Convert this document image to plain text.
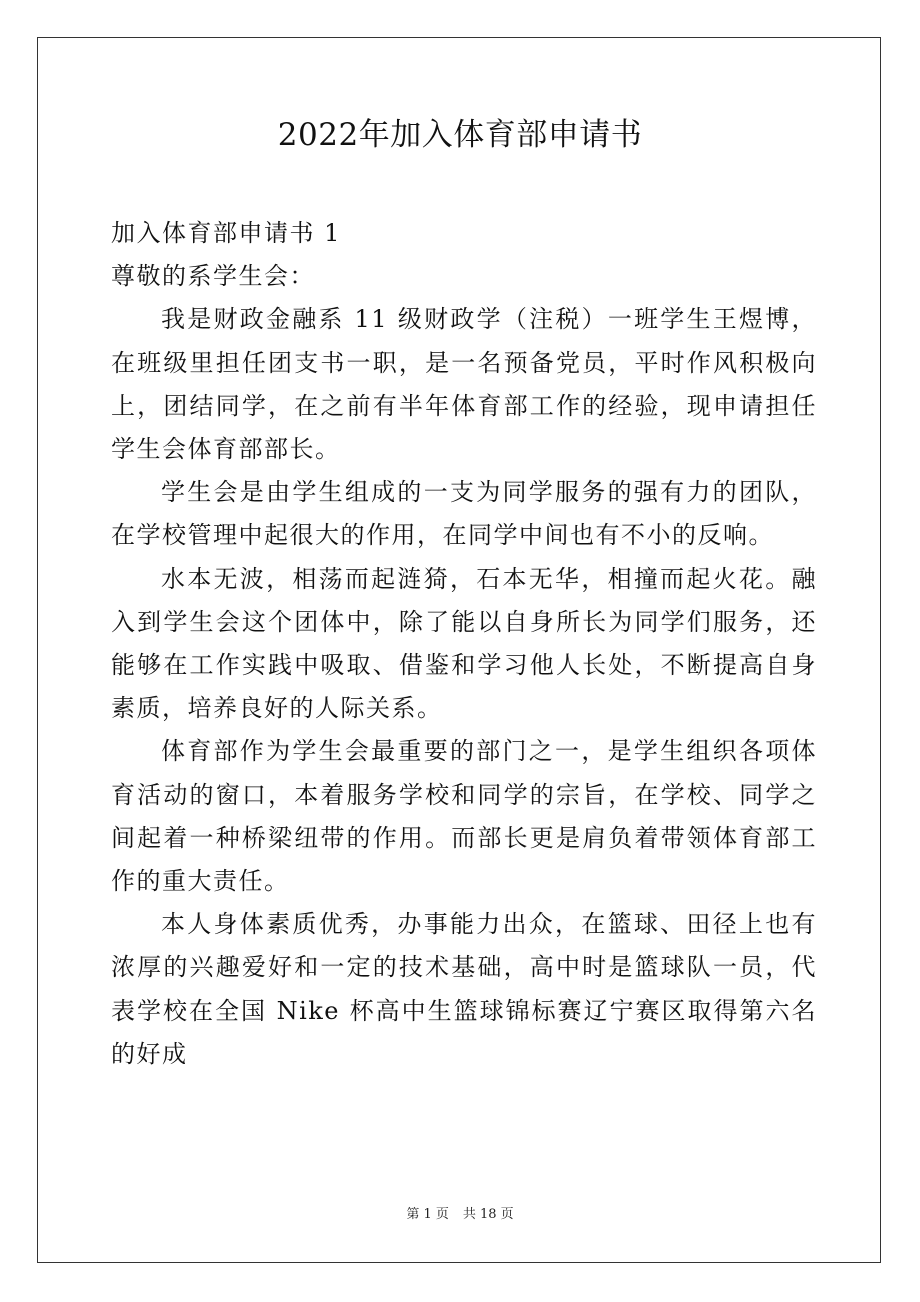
2022年加入体育部申请书

加入体育部申请书 1

尊敬的系学生会：

我是财政金融系 11 级财政学（注税）一班学生王煜博，在班级里担任团支书一职，是一名预备党员，平时作风积极向上，团结同学，在之前有半年体育部工作的经验，现申请担任学生会体育部部长。

学生会是由学生组成的一支为同学服务的强有力的团队，在学校管理中起很大的作用，在同学中间也有不小的反响。

水本无波，相荡而起涟猗，石本无华，相撞而起火花。融入到学生会这个团体中，除了能以自身所长为同学们服务，还能够在工作实践中吸取、借鉴和学习他人长处，不断提高自身素质，培养良好的人际关系。

体育部作为学生会最重要的部门之一，是学生组织各项体育活动的窗口，本着服务学校和同学的宗旨，在学校、同学之间起着一种桥梁纽带的作用。而部长更是肩负着带领体育部工作的重大责任。

本人身体素质优秀，办事能力出众，在篮球、田径上也有浓厚的兴趣爱好和一定的技术基础，高中时是篮球队一员，代表学校在全国 Nike 杯高中生篮球锦标赛辽宁赛区取得第六名的好成

第 1 页 共 18 页
